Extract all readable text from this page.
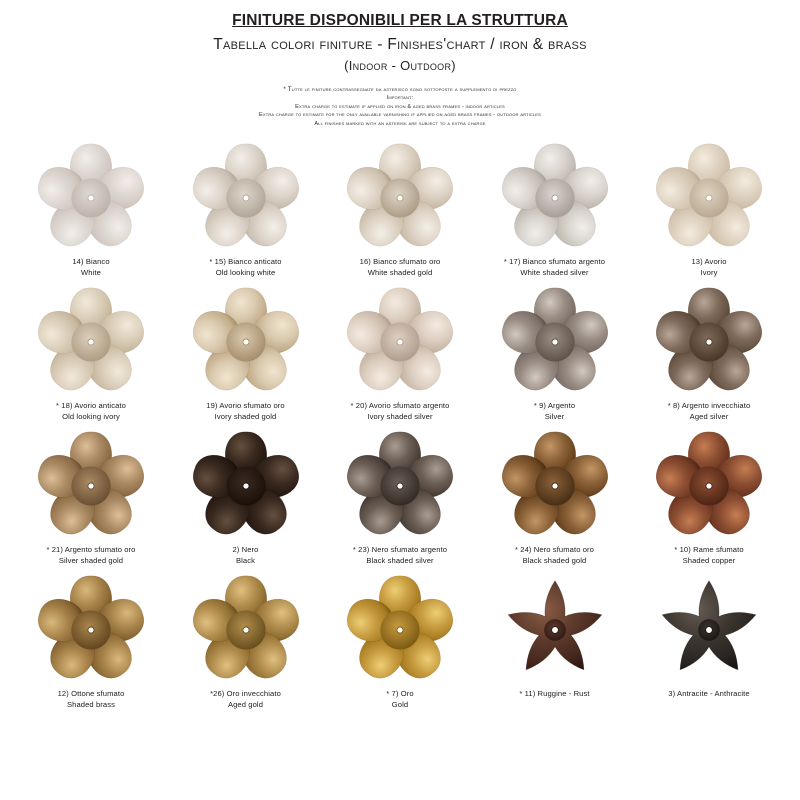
FINITURE DISPONIBILI PER LA STRUTTURA
Tabella colori finiture - Finishes'chart / iron & brass
(Indoor - Outdoor)
* Tutte le finiture contrassegnate da asterisco sono sottoposte a supplemento di prezzo
Important:
Extra charge to estimate if applied on iron & aged brass frames - indoor articles
Extra charge to estimate for the only available varnishing if applied on aged brass frames - outdoor articles
All finishes marked with an asterisk are subject to a extra charge
14) Bianco
White
* 15) Bianco anticato
Old looking white
16) Bianco sfumato oro
White shaded gold
* 17) Bianco sfumato argento
White shaded silver
13) Avorio
Ivory
* 18) Avorio anticato
Old looking ivory
19) Avorio sfumato oro
Ivory shaded gold
* 20) Avorio sfumato argento
Ivory shaded silver
* 9) Argento
Silver
* 8) Argento invecchiato
Aged silver
* 21) Argento sfumato oro
Silver shaded gold
2) Nero
Black
* 23) Nero sfumato argento
Black shaded silver
* 24) Nero sfumato oro
Black shaded gold
* 10) Rame sfumato
Shaded copper
12) Ottone sfumato
Shaded brass
*26) Oro invecchiato
Aged gold
* 7) Oro
Gold
* 11) Ruggine - Rust	3) Antracite - Anthracite
